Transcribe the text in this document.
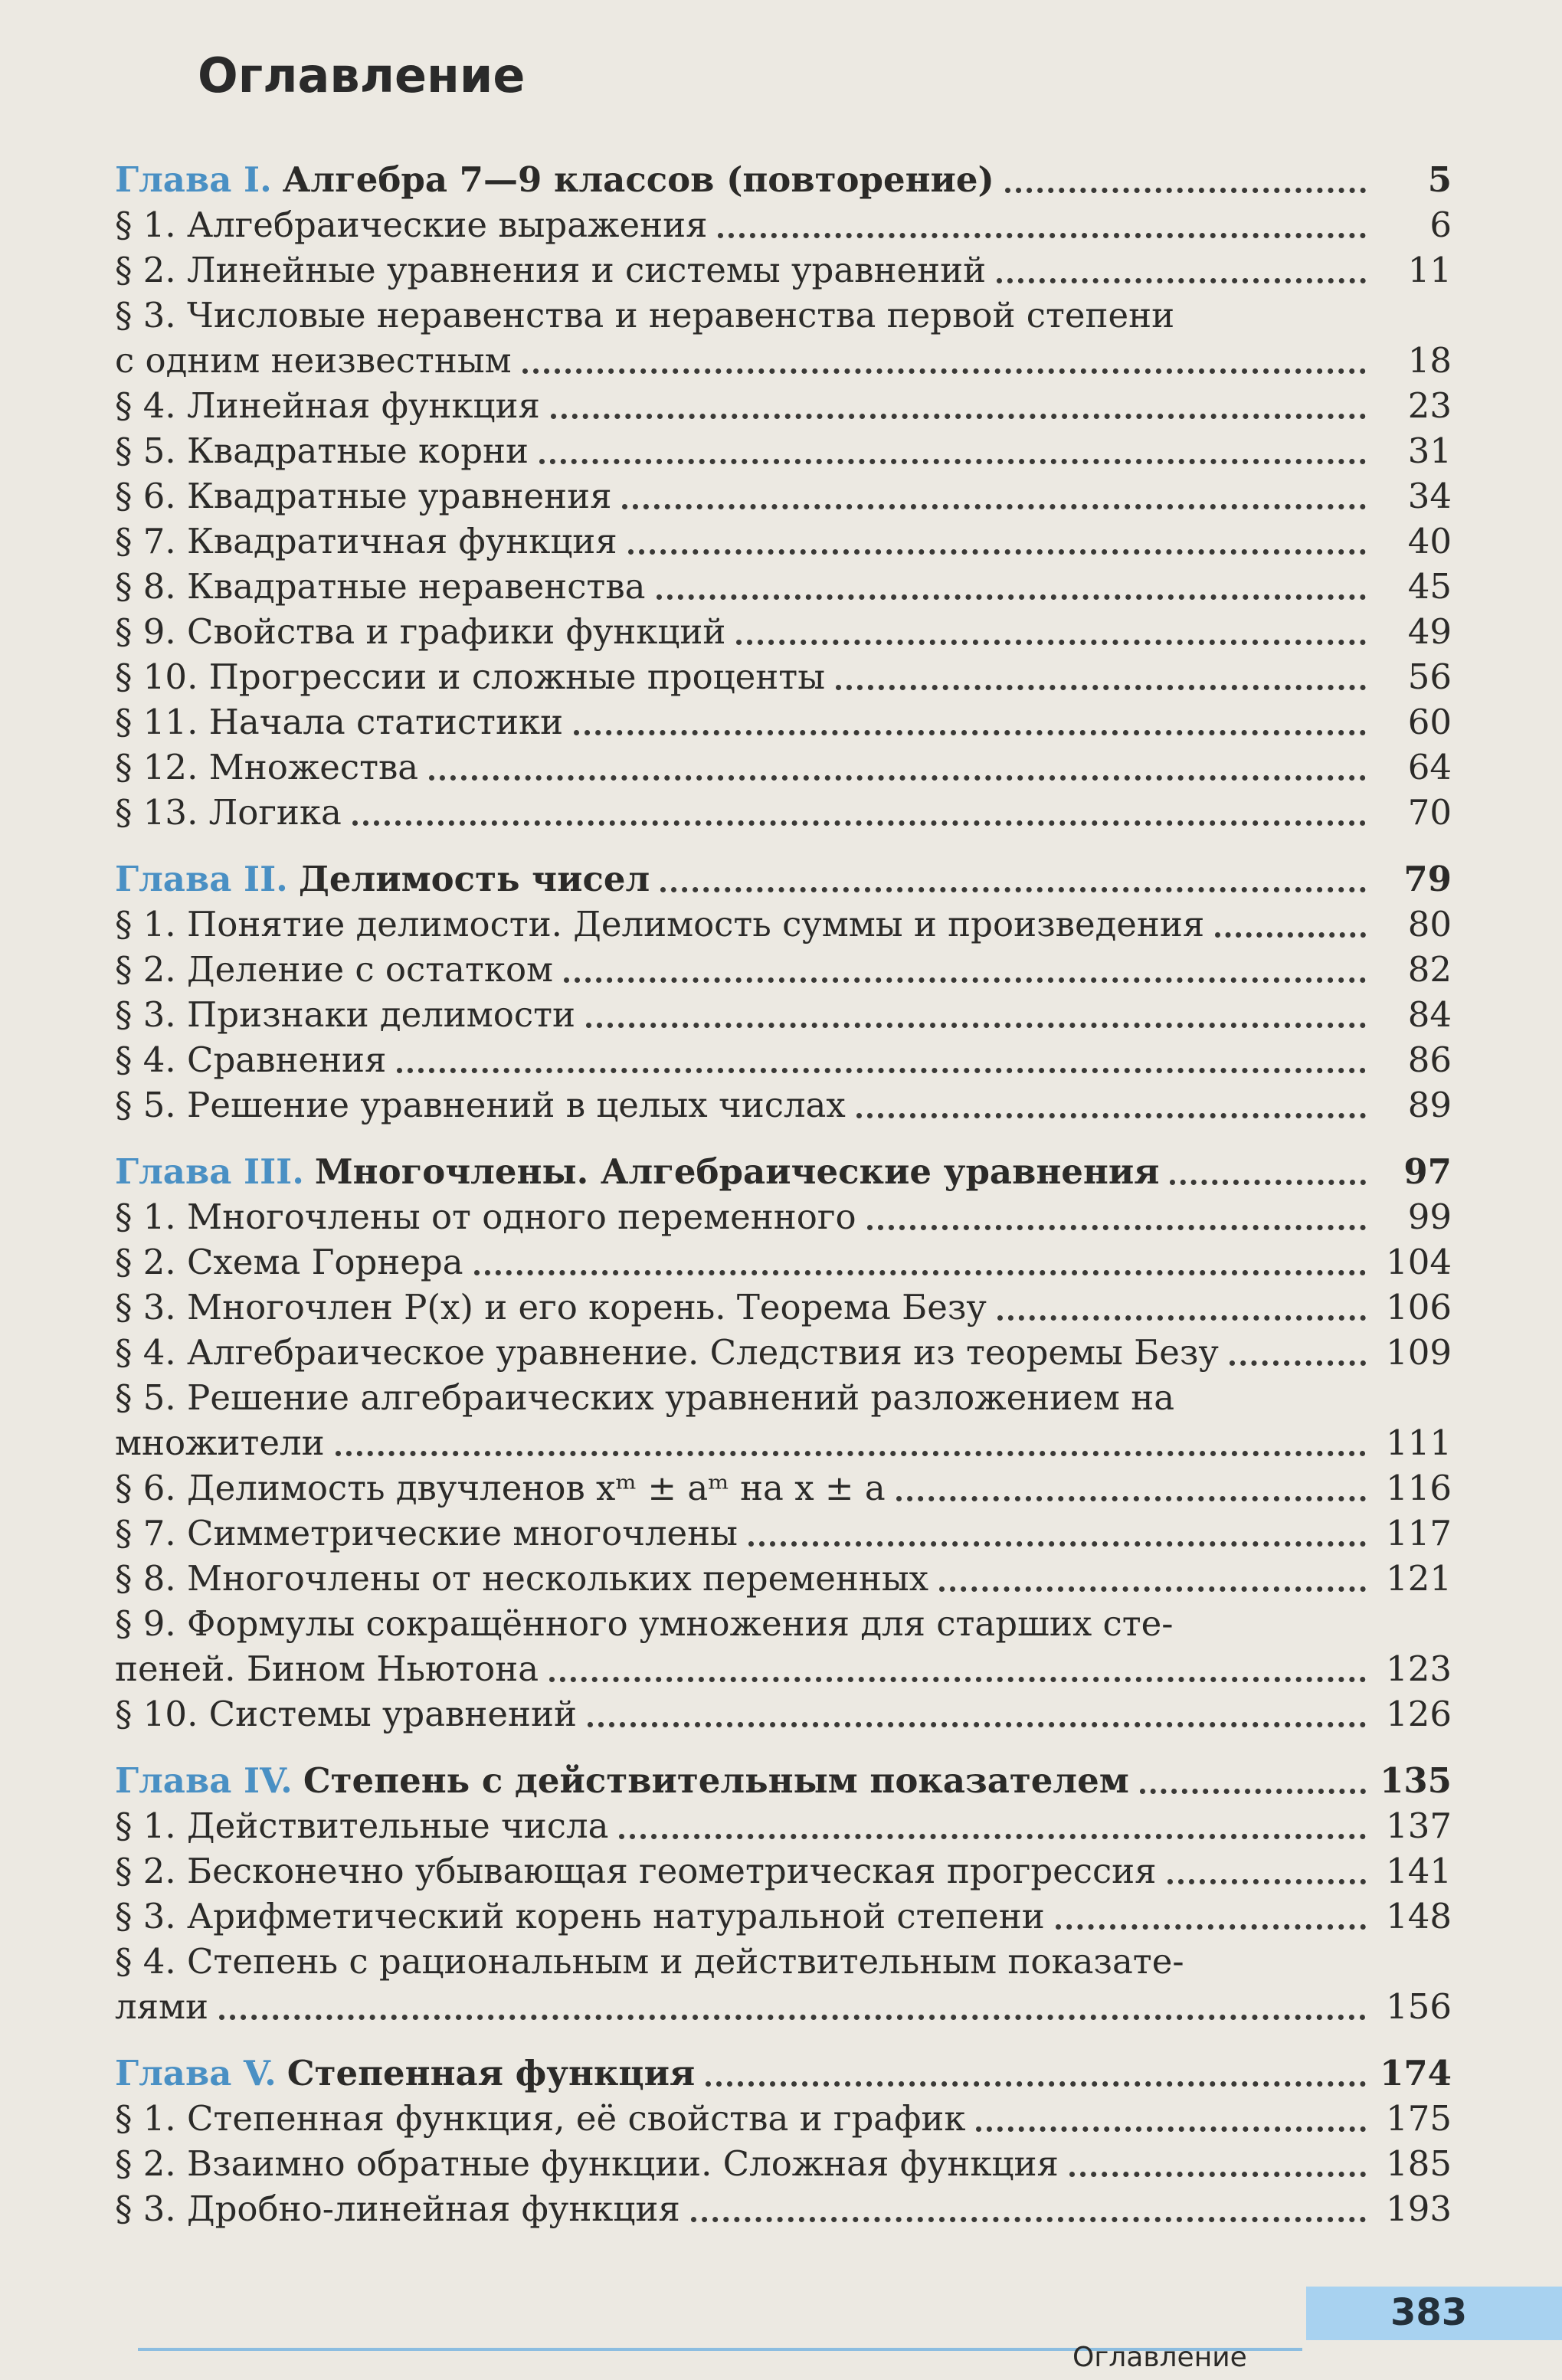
Оглавление
Глава I. Алгебра 7—9 классов (повторение)	5
§ 1. Алгебраические выражения	6
§ 2. Линейные уравнения и системы уравнений	11
§ 3. Числовые неравенства и неравенства первой степени
с одним неизвестным	18
§ 4. Линейная функция	23
§ 5. Квадратные корни	31
§ 6. Квадратные уравнения	34
§ 7. Квадратичная функция	40
§ 8. Квадратные неравенства	45
§ 9. Свойства и графики функций	49
§ 10. Прогрессии и сложные проценты	56
§ 11. Начала статистики	60
§ 12. Множества	64
§ 13. Логика	70
Глава II. Делимость чисел	79
§ 1. Понятие делимости. Делимость суммы и произведения	80
§ 2. Деление с остатком	82
§ 3. Признаки делимости	84
§ 4. Сравнения	86
§ 5. Решение уравнений в целых числах	89
Глава III. Многочлены. Алгебраические уравнения	97
§ 1. Многочлены от одного переменного	99
§ 2. Схема Горнера	104
§ 3. Многочлен P(x) и его корень. Теорема Безу	106
§ 4. Алгебраическое уравнение. Следствия из теоремы Безу	109
§ 5. Решение алгебраических уравнений разложением на
множители	111
§ 6. Делимость двучленов xᵐ ± aᵐ на x ± a	116
§ 7. Симметрические многочлены	117
§ 8. Многочлены от нескольких переменных	121
§ 9. Формулы сокращённого умножения для старших сте-
пеней. Бином Ньютона	123
§ 10. Системы уравнений	126
Глава IV. Степень с действительным показателем	135
§ 1. Действительные числа	137
§ 2. Бесконечно убывающая геометрическая прогрессия	141
§ 3. Арифметический корень натуральной степени	148
§ 4. Степень с рациональным и действительным показате-
лями	156
Глава V. Степенная функция	174
§ 1. Степенная функция, её свойства и график	175
§ 2. Взаимно обратные функции. Сложная функция	185
§ 3. Дробно-линейная функция	193
383
Оглавление
